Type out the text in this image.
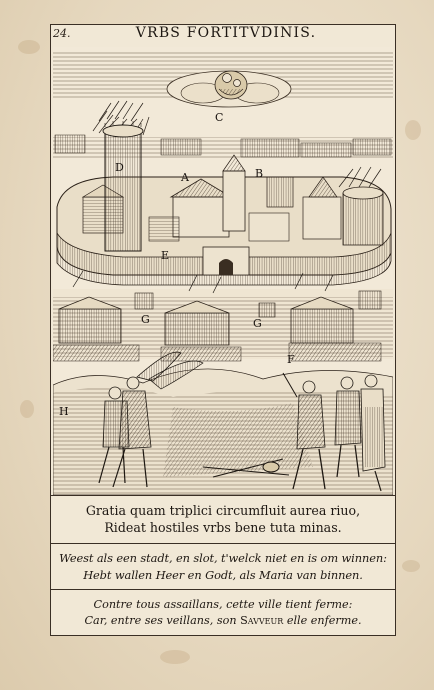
24.	VRBS FORTITVDINIS.
C
D
A	B
E
F
G	G
H
Gratia quam triplici circumfluit aurea riuo,
Rideat hostiles vrbs bene tuta minas.
Weest als een stadt, en slot, t'welck niet en is om winnen:
Hebt wallen Heer en Godt, als Maria van binnen.
Contre tous assaillans, cette ville tient ferme:
Car, entre ses veillans, son Savveur elle enferme.
